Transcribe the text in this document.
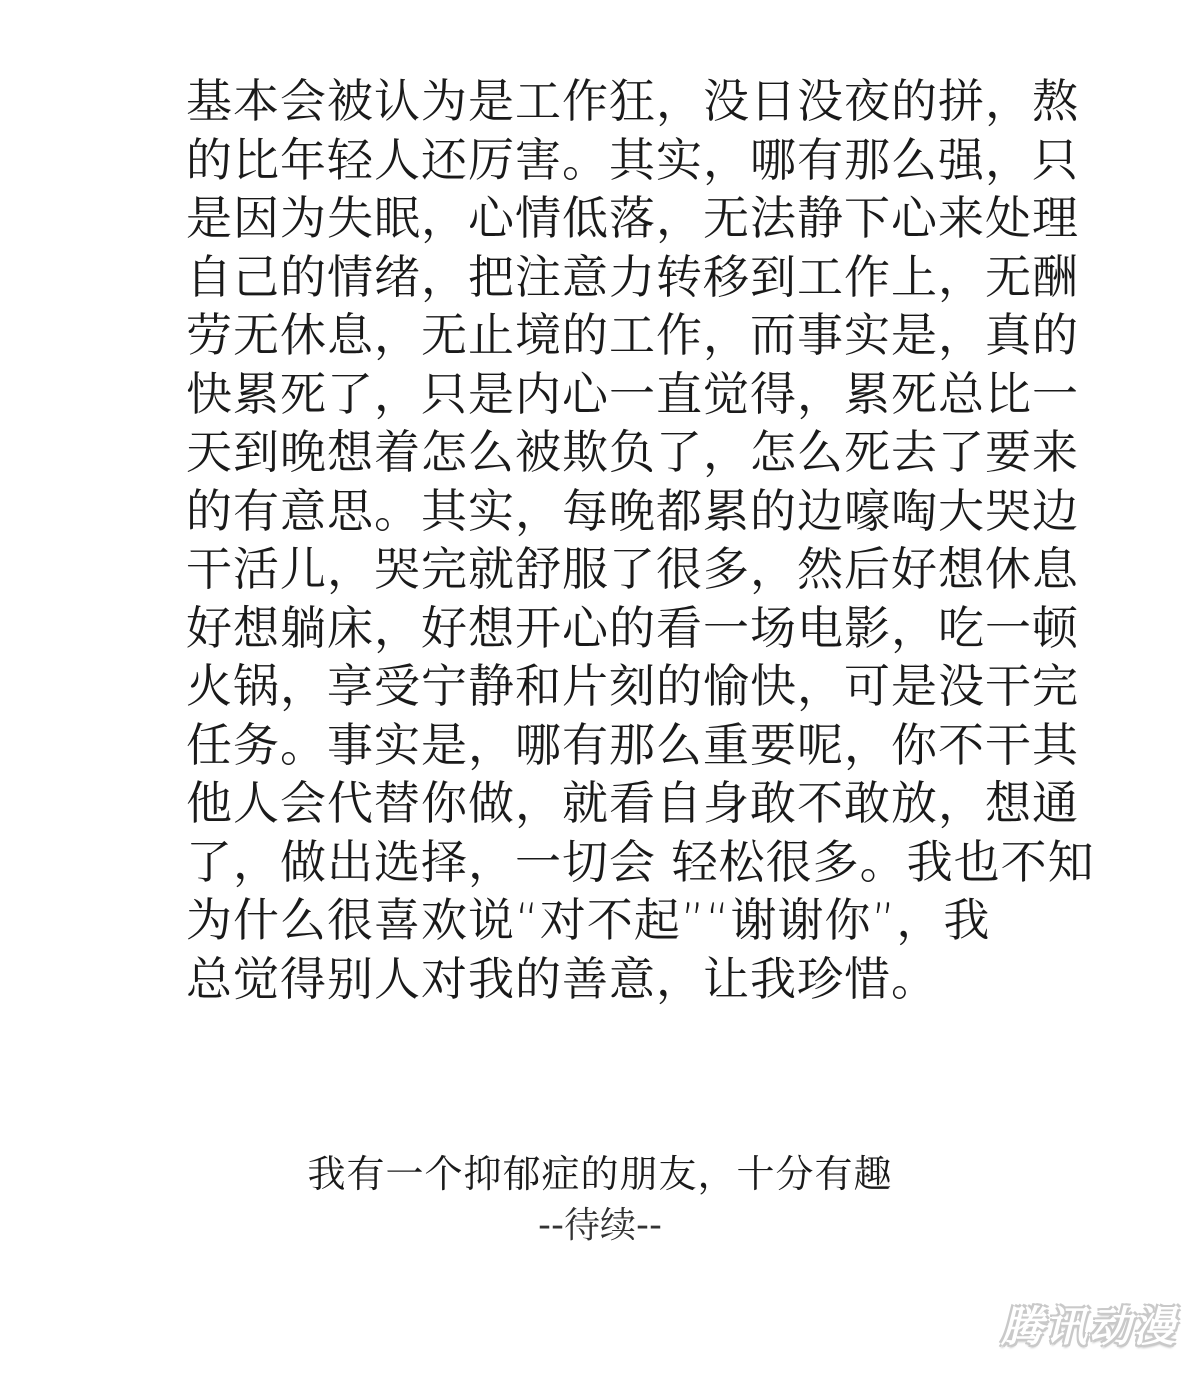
基本会被认为是工作狂，没日没夜的拼，熬
的比年轻人还厉害。其实，哪有那么强，只
是因为失眠，心情低落，无法静下心来处理
自己的情绪，把注意力转移到工作上，无酬
劳无休息，无止境的工作，而事实是，真的
快累死了，只是内心一直觉得，累死总比一
天到晚想着怎么被欺负了，怎么死去了要来
的有意思。其实，每晚都累的边嚎啕大哭边
干活儿，哭完就舒服了很多，然后好想休息
好想躺床，好想开心的看一场电影，吃一顿
火锅，享受宁静和片刻的愉快，可是没干完
任务。事实是，哪有那么重要呢，你不干其
他人会代替你做，就看自身敢不敢放，想通
了，做出选择，一切会 轻松很多。我也不知
为什么很喜欢说“对不起”“谢谢你”，我
总觉得别人对我的善意，让我珍惜。
我有一个抑郁症的朋友，十分有趣
--待续--
腾讯动漫
